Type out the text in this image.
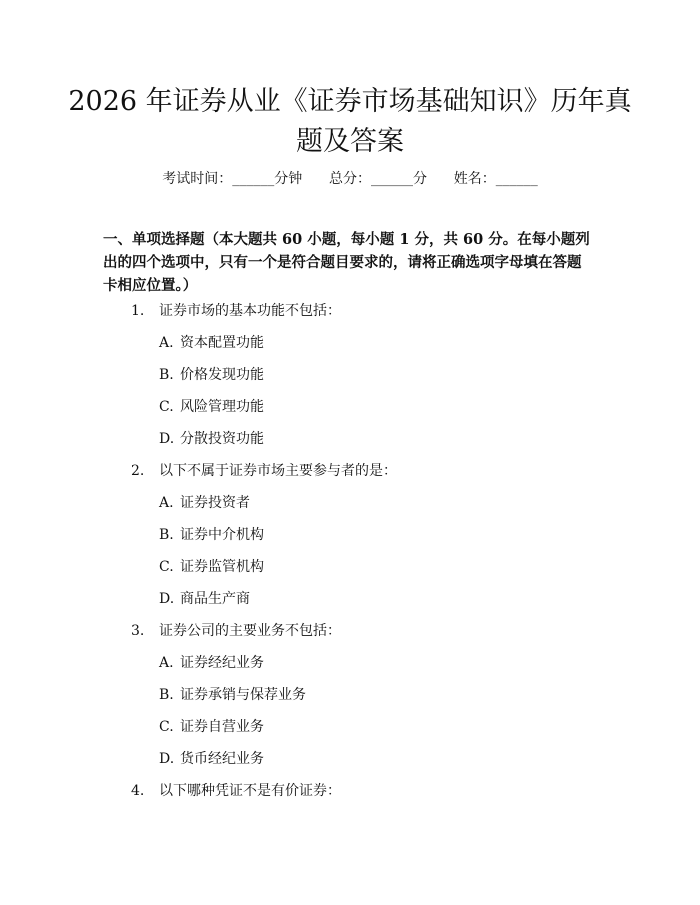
2026 年证券从业《证券市场基础知识》历年真题及答案
考试时间：______分钟      总分：______分      姓名：______
一、单项选择题（本大题共 60 小题，每小题 1 分，共 60 分。在每小题列出的四个选项中，只有一个是符合题目要求的，请将正确选项字母填在答题卡相应位置。）
1. 证券市场的基本功能不包括：
A. 资本配置功能
B. 价格发现功能
C. 风险管理功能
D. 分散投资功能
2. 以下不属于证券市场主要参与者的是：
A. 证券投资者
B. 证券中介机构
C. 证券监管机构
D. 商品生产商
3. 证券公司的主要业务不包括：
A. 证券经纪业务
B. 证券承销与保荐业务
C. 证券自营业务
D. 货币经纪业务
4. 以下哪种凭证不是有价证券：
